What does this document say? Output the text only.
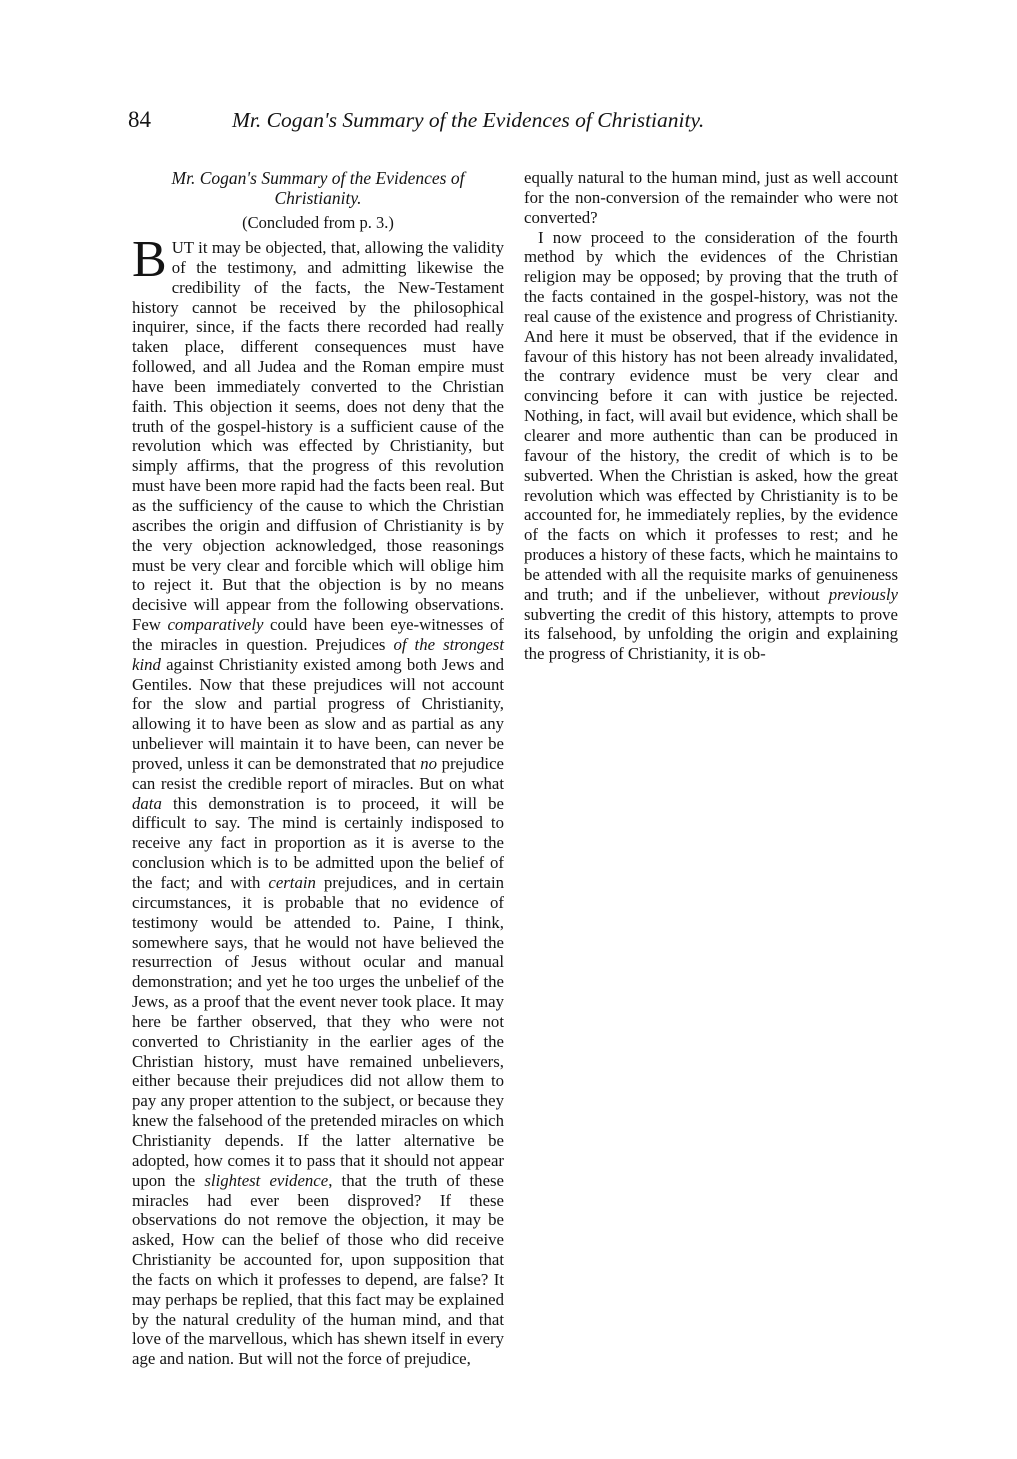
84	Mr. Cogan's Summary of the Evidences of Christianity.

Mr. Cogan's Summary of the Evidences of Christianity.

(Concluded from p. 3.)

BUT it may be objected, that, allowing the validity of the testimony, and admitting likewise the credibility of the facts, the New-Testament history cannot be received by the philosophical inquirer, since, if the facts there recorded had really taken place, different consequences must have followed, and all Judea and the Roman empire must have been immediately converted to the Christian faith. This objection it seems, does not deny that the truth of the gospel-history is a sufficient cause of the revolution which was effected by Christianity, but simply affirms, that the progress of this revolution must have been more rapid had the facts been real. But as the sufficiency of the cause to which the Christian ascribes the origin and diffusion of Christianity is by the very objection acknowledged, those reasonings must be very clear and forcible which will oblige him to reject it. But that the objection is by no means decisive will appear from the following observations. Few comparatively could have been eye-witnesses of the miracles in question. Prejudices of the strongest kind against Christianity existed among both Jews and Gentiles. Now that these prejudices will not account for the slow and partial progress of Christianity, allowing it to have been as slow and as partial as any unbeliever will maintain it to have been, can never be proved, unless it can be demonstrated that no prejudice can resist the credible report of miracles. But on what data this demonstration is to proceed, it will be difficult to say. The mind is certainly indisposed to receive any fact in proportion as it is averse to the conclusion which is to be admitted upon the belief of the fact; and with certain prejudices, and in certain circumstances, it is probable that no evidence of testimony would be attended to. Paine, I think, somewhere says, that he would not have believed the resurrection of Jesus without ocular and manual demonstration; and yet he too urges the unbelief of the Jews, as a proof that the event never took place. It may here be farther observed, that they who were not converted to Christianity in the earlier ages of the Christian history, must have remained unbelievers, either because their prejudices did not allow them to pay any proper attention to the subject, or because they knew the falsehood of the pretended miracles on which Christianity depends. If the latter alternative be adopted, how comes it to pass that it should not appear upon the slightest evidence, that the truth of these miracles had ever been disproved? If these observations do not remove the objection, it may be asked, How can the belief of those who did receive Christianity be accounted for, upon supposition that the facts on which it professes to depend, are false? It may perhaps be replied, that this fact may be explained by the natural credulity of the human mind, and that love of the marvellous, which has shewn itself in every age and nation. But will not the force of prejudice,

equally natural to the human mind, just as well account for the non-conversion of the remainder who were not converted?

I now proceed to the consideration of the fourth method by which the evidences of the Christian religion may be opposed; by proving that the truth of the facts contained in the gospel-history, was not the real cause of the existence and progress of Christianity. And here it must be observed, that if the evidence in favour of this history has not been already invalidated, the contrary evidence must be very clear and convincing before it can with justice be rejected. Nothing, in fact, will avail but evidence, which shall be clearer and more authentic than can be produced in favour of the history, the credit of which is to be subverted. When the Christian is asked, how the great revolution which was effected by Christianity is to be accounted for, he immediately replies, by the evidence of the facts on which it professes to rest; and he produces a history of these facts, which he maintains to be attended with all the requisite marks of genuineness and truth; and if the unbeliever, without previously subverting the credit of this history, attempts to prove its falsehood, by unfolding the origin and explaining the progress of Christianity, it is ob-
